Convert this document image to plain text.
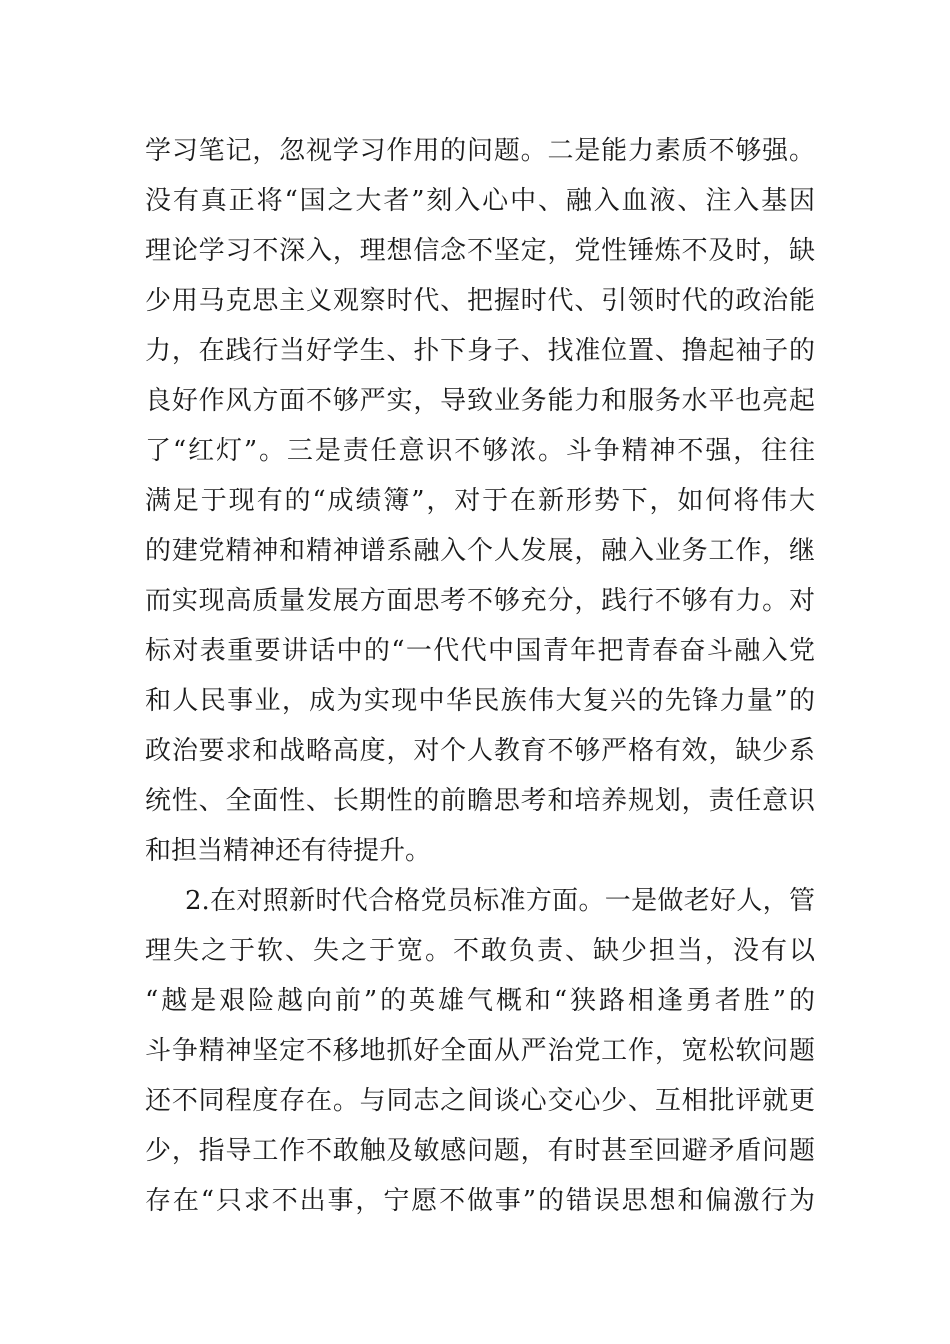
学习笔记，忽视学习作用的问题。二是能力素质不够强。
没有真正将“国之大者”刻入心中、融入血液、注入基因
理论学习不深入，理想信念不坚定，党性锤炼不及时，缺
少用马克思主义观察时代、把握时代、引领时代的政治能
力，在践行当好学生、扑下身子、找准位置、撸起袖子的
良好作风方面不够严实，导致业务能力和服务水平也亮起
了“红灯”。三是责任意识不够浓。斗争精神不强，往往
满足于现有的“成绩簿”，对于在新形势下，如何将伟大
的建党精神和精神谱系融入个人发展，融入业务工作，继
而实现高质量发展方面思考不够充分，践行不够有力。对
标对表重要讲话中的“一代代中国青年把青春奋斗融入党
和人民事业，成为实现中华民族伟大复兴的先锋力量”的
政治要求和战略高度，对个人教育不够严格有效，缺少系
统性、全面性、长期性的前瞻思考和培养规划，责任意识
和担当精神还有待提升。
2.在对照新时代合格党员标准方面。一是做老好人，管
理失之于软、失之于宽。不敢负责、缺少担当，没有以
“越是艰险越向前”的英雄气概和“狭路相逢勇者胜”的
斗争精神坚定不移地抓好全面从严治党工作，宽松软问题
还不同程度存在。与同志之间谈心交心少、互相批评就更
少，指导工作不敢触及敏感问题，有时甚至回避矛盾问题
存在“只求不出事，宁愿不做事”的错误思想和偏激行为
